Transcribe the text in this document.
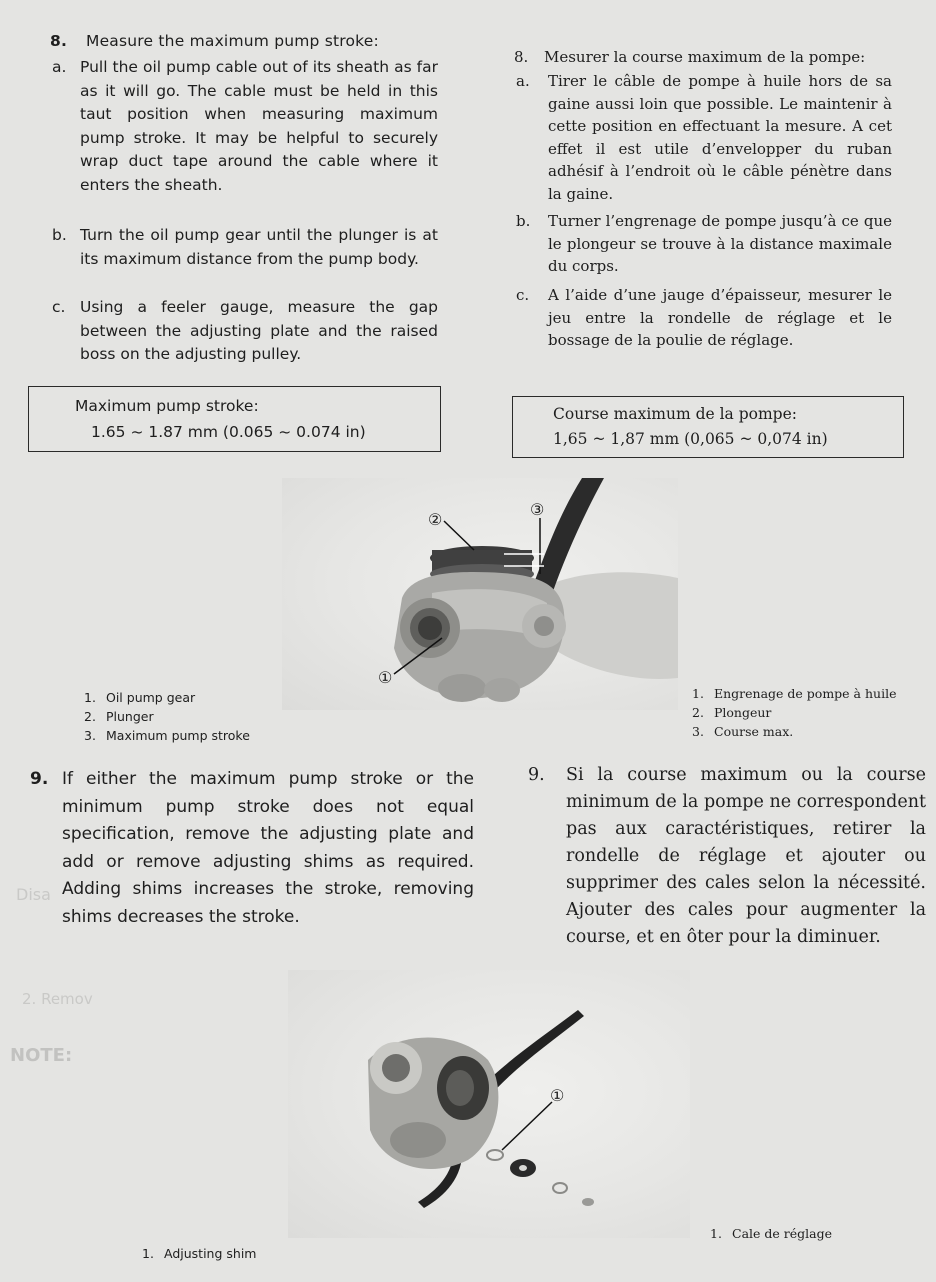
Disa
2. Remov
NOTE:
8. Measure the maximum pump stroke:
a. Pull the oil pump cable out of its sheath as far as it will go. The cable must be held in this taut position when measuring maximum pump stroke. It may be helpful to securely wrap duct tape around the cable where it enters the sheath.
b. Turn the oil pump gear until the plunger is at its maximum distance from the pump body.
c. Using a feeler gauge, measure the gap between the adjusting plate and the raised boss on the adjusting pulley.
Maximum pump stroke:
1.65 ~ 1.87 mm (0.065 ~ 0.074 in)
8. Mesurer la course maximum de la pompe:
a. Tirer le câble de pompe à huile hors de sa gaine aussi loin que possible. Le maintenir à cette position en effectuant la mesure. A cet effet il est utile d’envelopper du ruban adhésif à l’endroit où le câble pénètre dans la gaine.
b. Turner l’engrenage de pompe jusqu’à ce que le plongeur se trouve à la distance maximale du corps.
c. A l’aide d’une jauge d’épaisseur, mesurer le jeu entre la rondelle de réglage et le bossage de la poulie de réglage.
Course maximum de la pompe:
1,65 ~ 1,87 mm (0,065 ~ 0,074 in)
②
③
①
1. Oil pump gear
2. Plunger
3. Maximum pump stroke
1. Engrenage de pompe à huile
2. Plongeur
3. Course max.
9. If either the maximum pump stroke or the minimum pump stroke does not equal specification, remove the adjusting plate and add or remove adjusting shims as required. Adding shims increases the stroke, removing shims decreases the stroke.
9. Si la course maximum ou la course minimum de la pompe ne correspondent pas aux caractéristiques, retirer la rondelle de réglage et ajouter ou supprimer des cales selon la nécessité. Ajouter des cales pour augmenter la course, et en ôter pour la diminuer.
①
1. Adjusting shim
1. Cale de réglage
